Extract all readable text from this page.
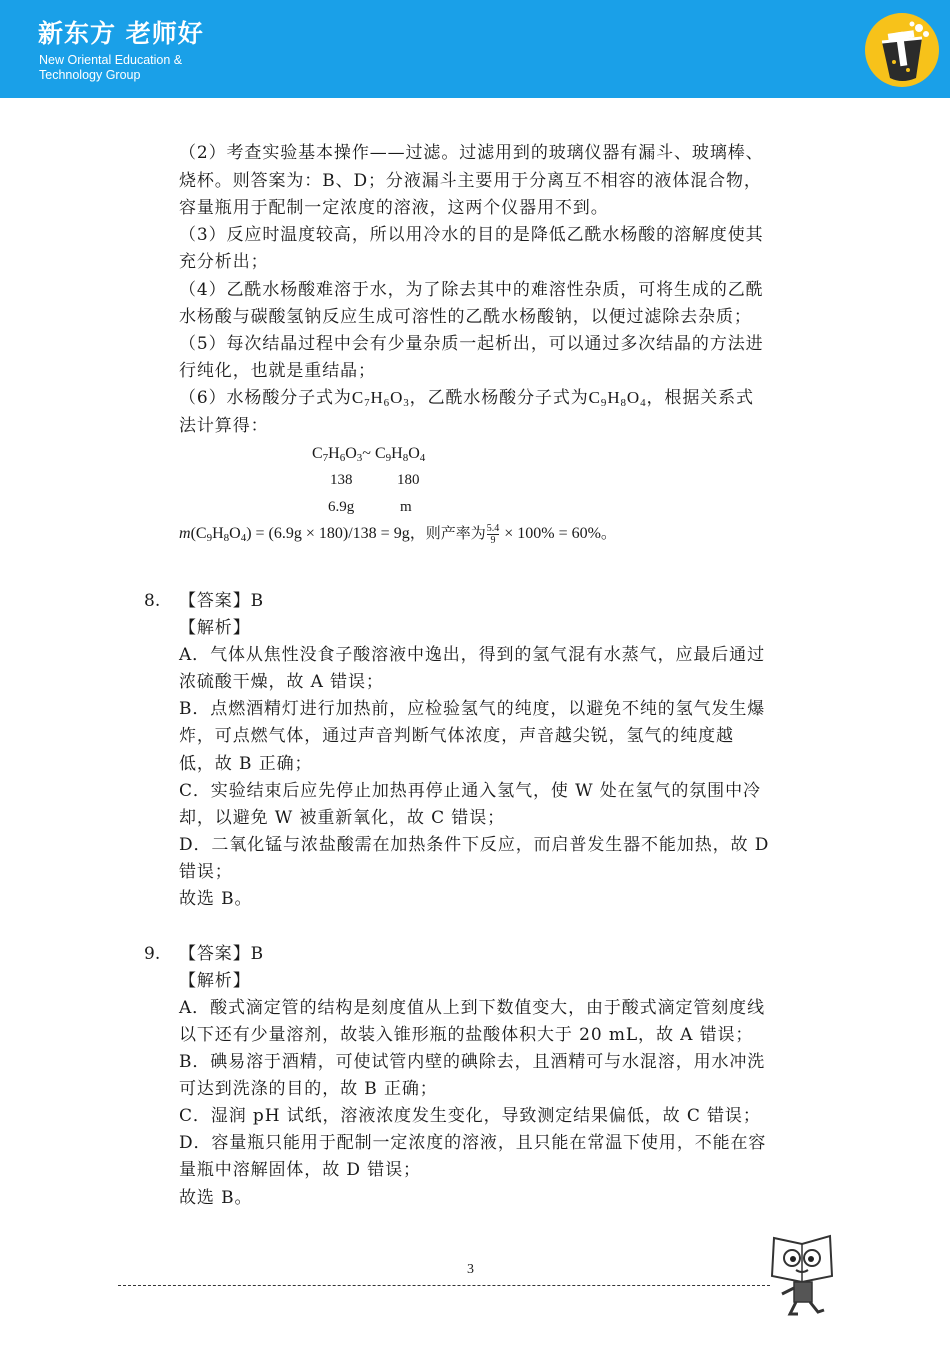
新东方 老师好
New Oriental Education &
Technology Group
（2）考查实验基本操作——过滤。过滤用到的玻璃仪器有漏斗、玻璃棒、
烧杯。则答案为：B、D；分液漏斗主要用于分离互不相容的液体混合物，
容量瓶用于配制一定浓度的溶液，这两个仪器用不到。
（3）反应时温度较高，所以用冷水的目的是降低乙酰水杨酸的溶解度使其
充分析出；
（4）乙酰水杨酸难溶于水，为了除去其中的难溶性杂质，可将生成的乙酰
水杨酸与碳酸氢钠反应生成可溶性的乙酰水杨酸钠，以便过滤除去杂质；
（5）每次结晶过程中会有少量杂质一起析出，可以通过多次结晶的方法进
行纯化，也就是重结晶；
（6）水杨酸分子式为$C_7H_6O_3$，乙酰水杨酸分子式为$C_9H_8O_4$，根据关系式
法计算得：
$C_7H_6O_3\sim$ $C_9H_8O_4$
138	180
6.9g	m
$m(C_9H_8O_4) = (6.9g \times 180)/138 = 9g$，则产率为 $\frac{5.4}{9} \times 100\% = 60\%$。
8. 【答案】B
【解析】
A．气体从焦性没食子酸溶液中逸出，得到的氢气混有水蒸气，应最后通过
浓硫酸干燥，故 A 错误；
B．点燃酒精灯进行加热前，应检验氢气的纯度，以避免不纯的氢气发生爆
炸，可点燃气体，通过声音判断气体浓度，声音越尖锐，氢气的纯度越
低，故 B 正确；
C．实验结束后应先停止加热再停止通入氢气，使 W 处在氢气的氛围中冷
却，以避免 W 被重新氧化，故 C 错误；
D．二氧化锰与浓盐酸需在加热条件下反应，而启普发生器不能加热，故 D
错误；
故选 B。
9. 【答案】B
【解析】
A．酸式滴定管的结构是刻度值从上到下数值变大，由于酸式滴定管刻度线
以下还有少量溶剂，故装入锥形瓶的盐酸体积大于 20 mL，故 A 错误；
B．碘易溶于酒精，可使试管内壁的碘除去，且酒精可与水混溶，用水冲洗
可达到洗涤的目的，故 B 正确；
C．湿润 pH 试纸，溶液浓度发生变化，导致测定结果偏低，故 C 错误；
D．容量瓶只能用于配制一定浓度的溶液，且只能在常温下使用，不能在容
量瓶中溶解固体，故 D 错误；
故选 B。
3
